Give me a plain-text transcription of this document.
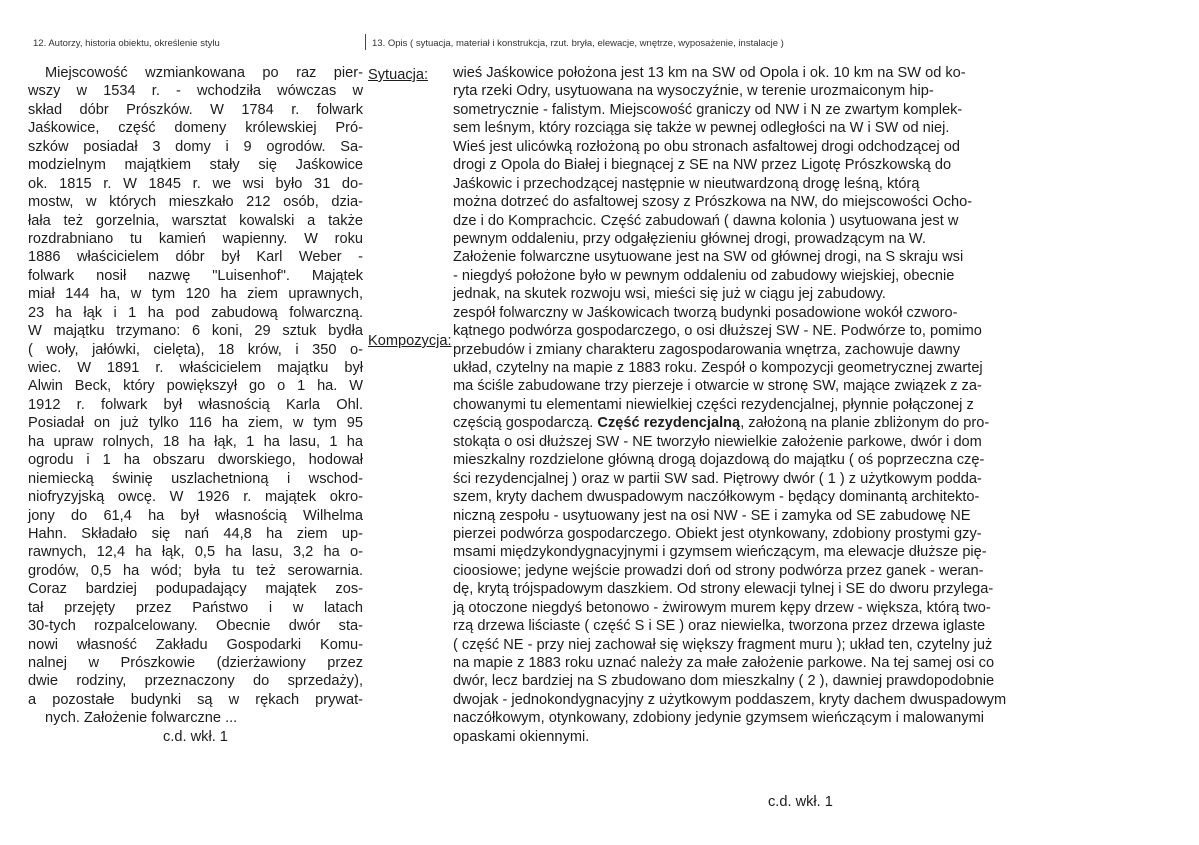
12. Autorzy, historia obiektu, określenie stylu	13. Opis ( sytuacja, materiał i konstrukcja, rzut. bryła, elewacje, wnętrze, wyposażenie, instalacje )
Miejscowość wzmiankowana po raz pier-
wszy w 1534 r. - wchodziła wówczas w
skład dóbr Prószków. W 1784 r. folwark
Jaśkowice, część domeny królewskiej Pró-
szków posiadał 3 domy i 9 ogrodów. Sa-
modzielnym majątkiem stały się Jaśkowice
ok. 1815 r. W 1845 r. we wsi było 31 do-
mostw, w których mieszkało 212 osób, dzia-
łała też gorzelnia, warsztat kowalski a także
rozdrabniano tu kamień wapienny. W roku
1886 właścicielem dóbr był Karl Weber -
folwark nosił nazwę "Luisenhof". Majątek
miał 144 ha, w tym 120 ha ziem uprawnych,
23 ha łąk i 1 ha pod zabudową folwarczną.
W majątku trzymano: 6 koni, 29 sztuk bydła
( woły, jałówki, cielęta), 18 krów, i 350 o-
wiec. W 1891 r. właścicielem majątku był
Alwin Beck, który powiększył go o 1 ha. W
1912 r. folwark był własnością Karla Ohl.
Posiadał on już tylko 116 ha ziem, w tym 95
ha upraw rolnych, 18 ha łąk, 1 ha lasu, 1 ha
ogrodu i 1 ha obszaru dworskiego, hodował
niemiecką świnię uszlachetnioną i wschod-
niofryzyjską owcę. W 1926 r. majątek okro-
jony do 61,4 ha był własnością Wilhelma
Hahn. Składało się nań 44,8 ha ziem up-
rawnych, 12,4 ha łąk, 0,5 ha lasu, 3,2 ha o-
grodów, 0,5 ha wód; była tu też serowarnia.
Coraz bardziej podupadający majątek zos-
tał przejęty przez Państwo i w latach
30-tych rozpalcelowany. Obecnie dwór sta-
nowi własność Zakładu Gospodarki Komu-
nalnej w Prószkowie (dzierżawiony przez
dwie rodziny, przeznaczony do sprzedaży),
a pozostałe budynki są w rękach prywat-
nych. Założenie folwarczne ...
c.d. wkł. 1
Sytuacja:	wieś Jaśkowice położona jest 13 km na SW od Opola i ok. 10 km na SW od ko-
ryta rzeki Odry, usytuowana na wysoczyźnie, w terenie urozmaiconym hip-
sometrycznie - falistym. Miejscowość graniczy od NW i N ze zwartym komplek-
sem leśnym, który rozciąga się także w pewnej odległości na W i SW od niej.
Wieś jest ulicówką rozłożoną po obu stronach asfaltowej drogi odchodzącej od
drogi z Opola do Białej i biegnącej z SE na NW przez Ligotę Prószkowską do
Jaśkowic i przechodzącej następnie w nieutwardzoną drogę leśną, którą
można dotrzeć do asfaltowej szosy z Prószkowa na NW, do miejscowości Ocho-
dze i do Komprachcic. Część zabudowań ( dawna kolonia ) usytuowana jest w
pewnym oddaleniu, przy odgałęzieniu głównej drogi, prowadzącym na W.
Założenie folwarczne usytuowane jest na SW od głównej drogi, na S skraju wsi
- niegdyś położone było w pewnym oddaleniu od zabudowy wiejskiej, obecnie
jednak, na skutek rozwoju wsi, mieści się już w ciągu jej zabudowy.
Kompozycja:
zespół folwarczny w Jaśkowicach tworzą budynki posadowione wokół czworo-
kątnego podwórza gospodarczego, o osi dłuższej SW - NE. Podwórze to, pomimo
przebudów i zmiany charakteru zagospodarowania wnętrza, zachowuje dawny
układ, czytelny na mapie z 1883 roku. Zespół o kompozycji geometrycznej zwartej
ma ściśle zabudowane trzy pierzeje i otwarcie w stronę SW, mające związek z za-
chowanymi tu elementami niewielkiej części rezydencjalnej, płynnie połączonej z
częścią gospodarczą. Część rezydencjalną, założoną na planie zbliżonym do pro-
stokąta o osi dłuższej SW - NE tworzyło niewielkie założenie parkowe, dwór i dom
mieszkalny rozdzielone główną drogą dojazdową do majątku ( oś poprzeczna czę-
ści rezydencjalnej ) oraz w partii SW sad. Piętrowy dwór ( 1 ) z użytkowym podda-
szem, kryty dachem dwuspadowym naczółkowym - będący dominantą architekto-
niczną zespołu - usytuowany jest na osi NW - SE i zamyka od SE zabudowę NE
pierzei podwórza gospodarczego. Obiekt jest otynkowany, zdobiony prostymi gzy-
msami międzykondygnacyjnymi i gzymsem wieńczącym, ma elewacje dłuższe pię-
cioosiowe; jedyne wejście prowadzi doń od strony podwórza przez ganek - weran-
dę, krytą trójspadowym daszkiem. Od strony elewacji tylnej i SE do dworu przylega-
ją otoczone niegdyś betonowo - żwirowym murem kępy drzew - większa, którą two-
rzą drzewa liściaste ( część S i SE ) oraz niewielka, tworzona przez drzewa iglaste
( część NE - przy niej zachował się większy fragment muru ); układ ten, czytelny już
na mapie z 1883 roku uznać należy za małe założenie parkowe. Na tej samej osi co
dwór, lecz bardziej na S zbudowano dom mieszkalny ( 2 ), dawniej prawdopodobnie
dwojak - jednokondygnacyjny z użytkowym poddaszem, kryty dachem dwuspadowym
naczółkowym, otynkowany, zdobiony jedynie gzymsem wieńczącym i malowanymi
opaskami okiennymi.
c.d. wkł. 1
